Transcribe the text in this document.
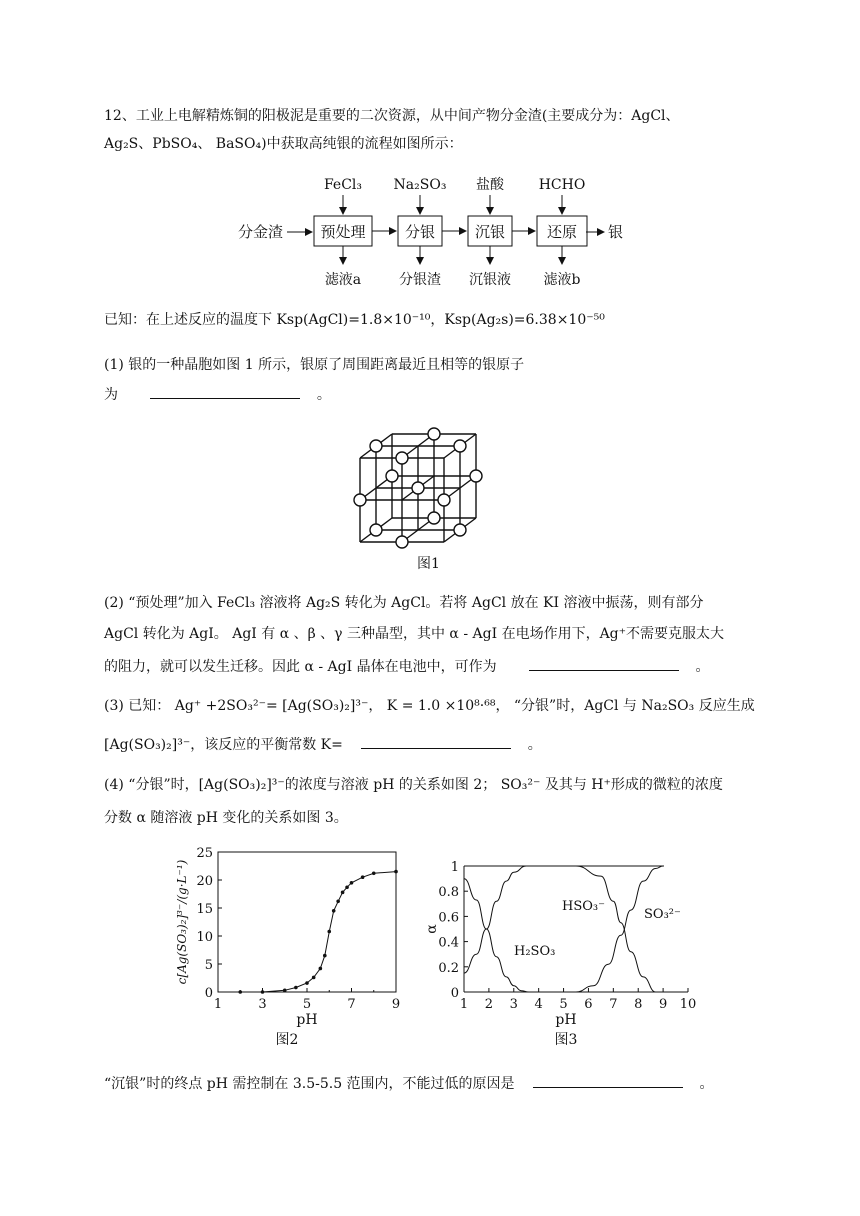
12、工业上电解精炼铜的阳极泥是重要的二次资源，从中间产物分金渣(主要成分为：AgCl、
Ag₂S、PbSO₄、 BaSO₄)中获取高纯银的流程如图所示：
分金渣
FeCl₃
预处理
滤液a
Na₂SO₃
分银
分银渣
盐酸
沉银
沉银液
HCHO
还原
滤液b
银
已知：在上述反应的温度下 Ksp(AgCl)=1.8×10⁻¹⁰，Ksp(Ag₂s)=6.38×10⁻⁵⁰
(1) 银的一种晶胞如图 1 所示，银原了周围距离最近且相等的银原子
为	。
图1
(2) “预处理”加入 FeCl₃ 溶液将 Ag₂S 转化为 AgCl。若将 AgCl 放在 KI 溶液中振荡，则有部分
AgCl 转化为 AgI。 AgI 有 α 、β 、γ 三种晶型，其中 α - AgI 在电场作用下，Ag⁺不需要克服太大
的阻力，就可以发生迁移。因此 α - AgI 晶体在电池中，可作为	。
(3) 已知： Ag⁺ +2SO₃²⁻= [Ag(SO₃)₂]³⁻， K = 1.0 ×10⁸·⁶⁸， “分银”时，AgCl 与 Na₂SO₃ 反应生成
[Ag(SO₃)₂]³⁻，该反应的平衡常数 K=	。
(4) “分银”时，[Ag(SO₃)₂]³⁻的浓度与溶液 pH 的关系如图 2； SO₃²⁻ 及其与 H⁺形成的微粒的浓度
分数 α 随溶液 pH 变化的关系如图 3。
0
5
10
15
20
25
1	3	5	7	9
pH
c[Ag(SO₃)₂]³⁻/(g·L⁻¹)
图2
0
0.2
0.4
0.6
0.8
1
1 2 3 4 5 6 7 8 9 10
H₂SO₃
HSO₃⁻
SO₃²⁻
pH
α
图3
“沉银”时的终点 pH 需控制在 3.5-5.5 范围内，不能过低的原因是	。
